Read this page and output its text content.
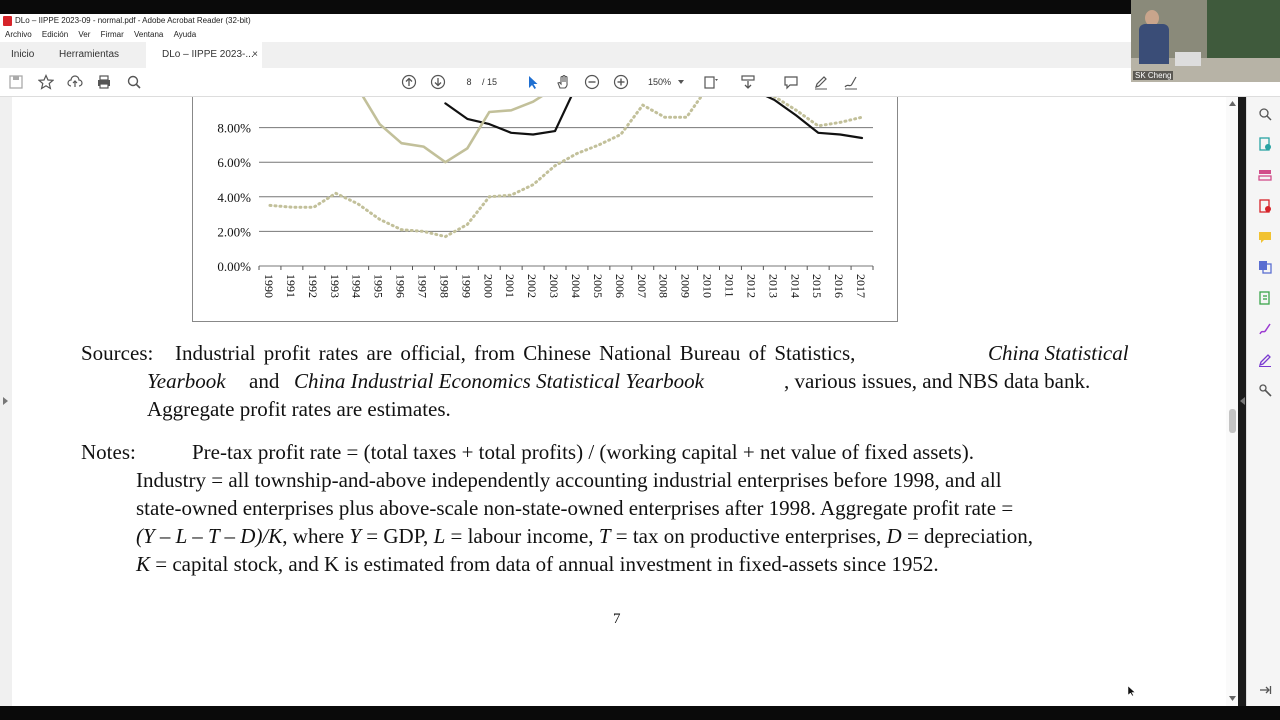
DLo – IIPPE 2023-09 - normal.pdf - Adobe Acrobat Reader (32-bit)
Archivo Edición Ver Firmar Ventana Ayuda
Inicio Herramientas	DLo – IIPPE 2023-...
×
8	/ 15	150%
0.00%
2.00%
4.00%
6.00%
8.00%
1990 1991 1992 1993 1994 1995 1996 1997 1998 1999 2000 2001 2002 2003 2004 2005 2006 2007 2008 2009 2010 2011 2012 2013 2014 2015 2016 2017
Sources: Industrial profit rates are official, from Chinese National Bureau of Statistics,	China Statistical
Yearbook and China Industrial Economics Statistical Yearbook	, various issues, and NBS data bank.
Aggregate profit rates are estimates.
Notes:	Pre-tax profit rate = (total taxes + total profits) / (working capital + net value of fixed assets).
Industry = all township-and-above independently accounting industrial enterprises before 1998, and all
state-owned enterprises plus above-scale non-state-owned enterprises after 1998. Aggregate profit rate =
(Y – L – T – D)/K, where Y = GDP, L = labour income, T = tax on productive enterprises, D = depreciation,
K = capital stock, and K is estimated from data of annual investment in fixed-assets since 1952.
7
SK Cheng
